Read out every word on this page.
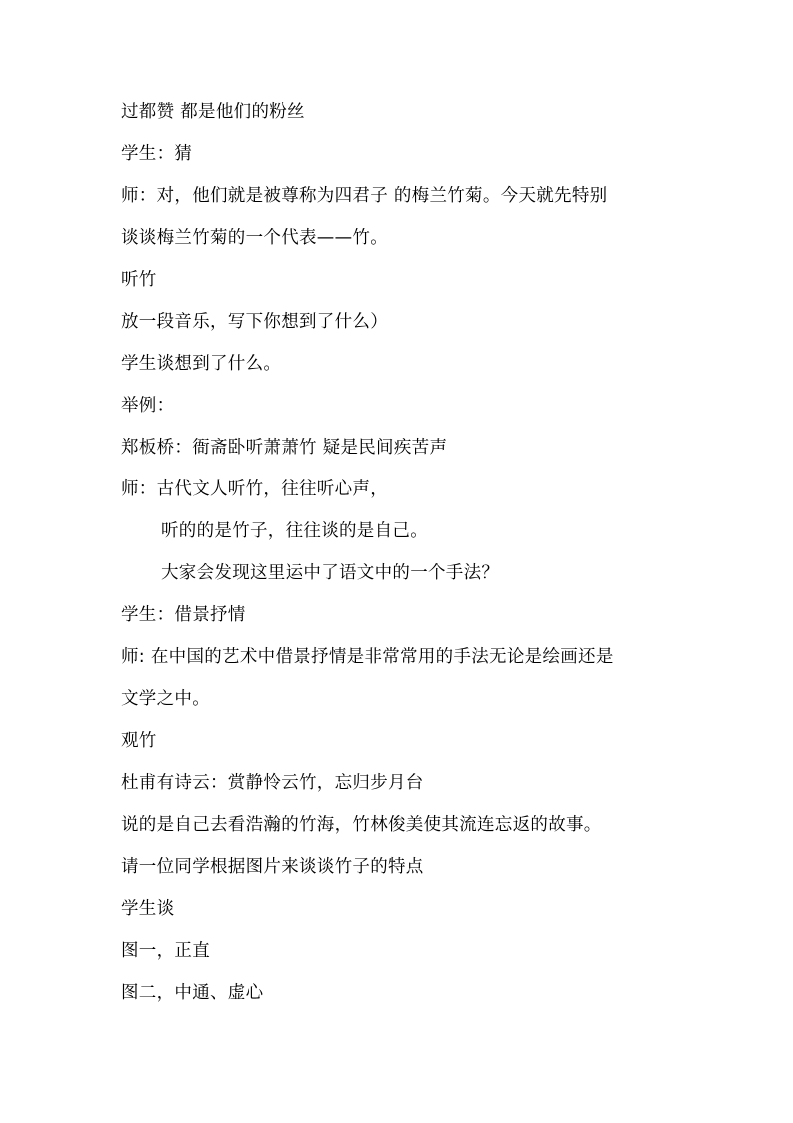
过都赞 都是他们的粉丝
学生：猜
师：对，他们就是被尊称为四君子 的梅兰竹菊。今天就先特别
谈谈梅兰竹菊的一个代表——竹。
听竹
放一段音乐，写下你想到了什么）
学生谈想到了什么。
举例：
郑板桥：衙斋卧听萧萧竹 疑是民间疾苦声
师：古代文人听竹，往往听心声，
听的的是竹子，往往谈的是自己。
大家会发现这里运中了语文中的一个手法？
学生：借景抒情
师: 在中国的艺术中借景抒情是非常常用的手法无论是绘画还是
文学之中。
观竹
杜甫有诗云：赏静怜云竹，忘归步月台
说的是自己去看浩瀚的竹海，竹林俊美使其流连忘返的故事。
请一位同学根据图片来谈谈竹子的特点
学生谈
图一，正直
图二，中通、虚心
